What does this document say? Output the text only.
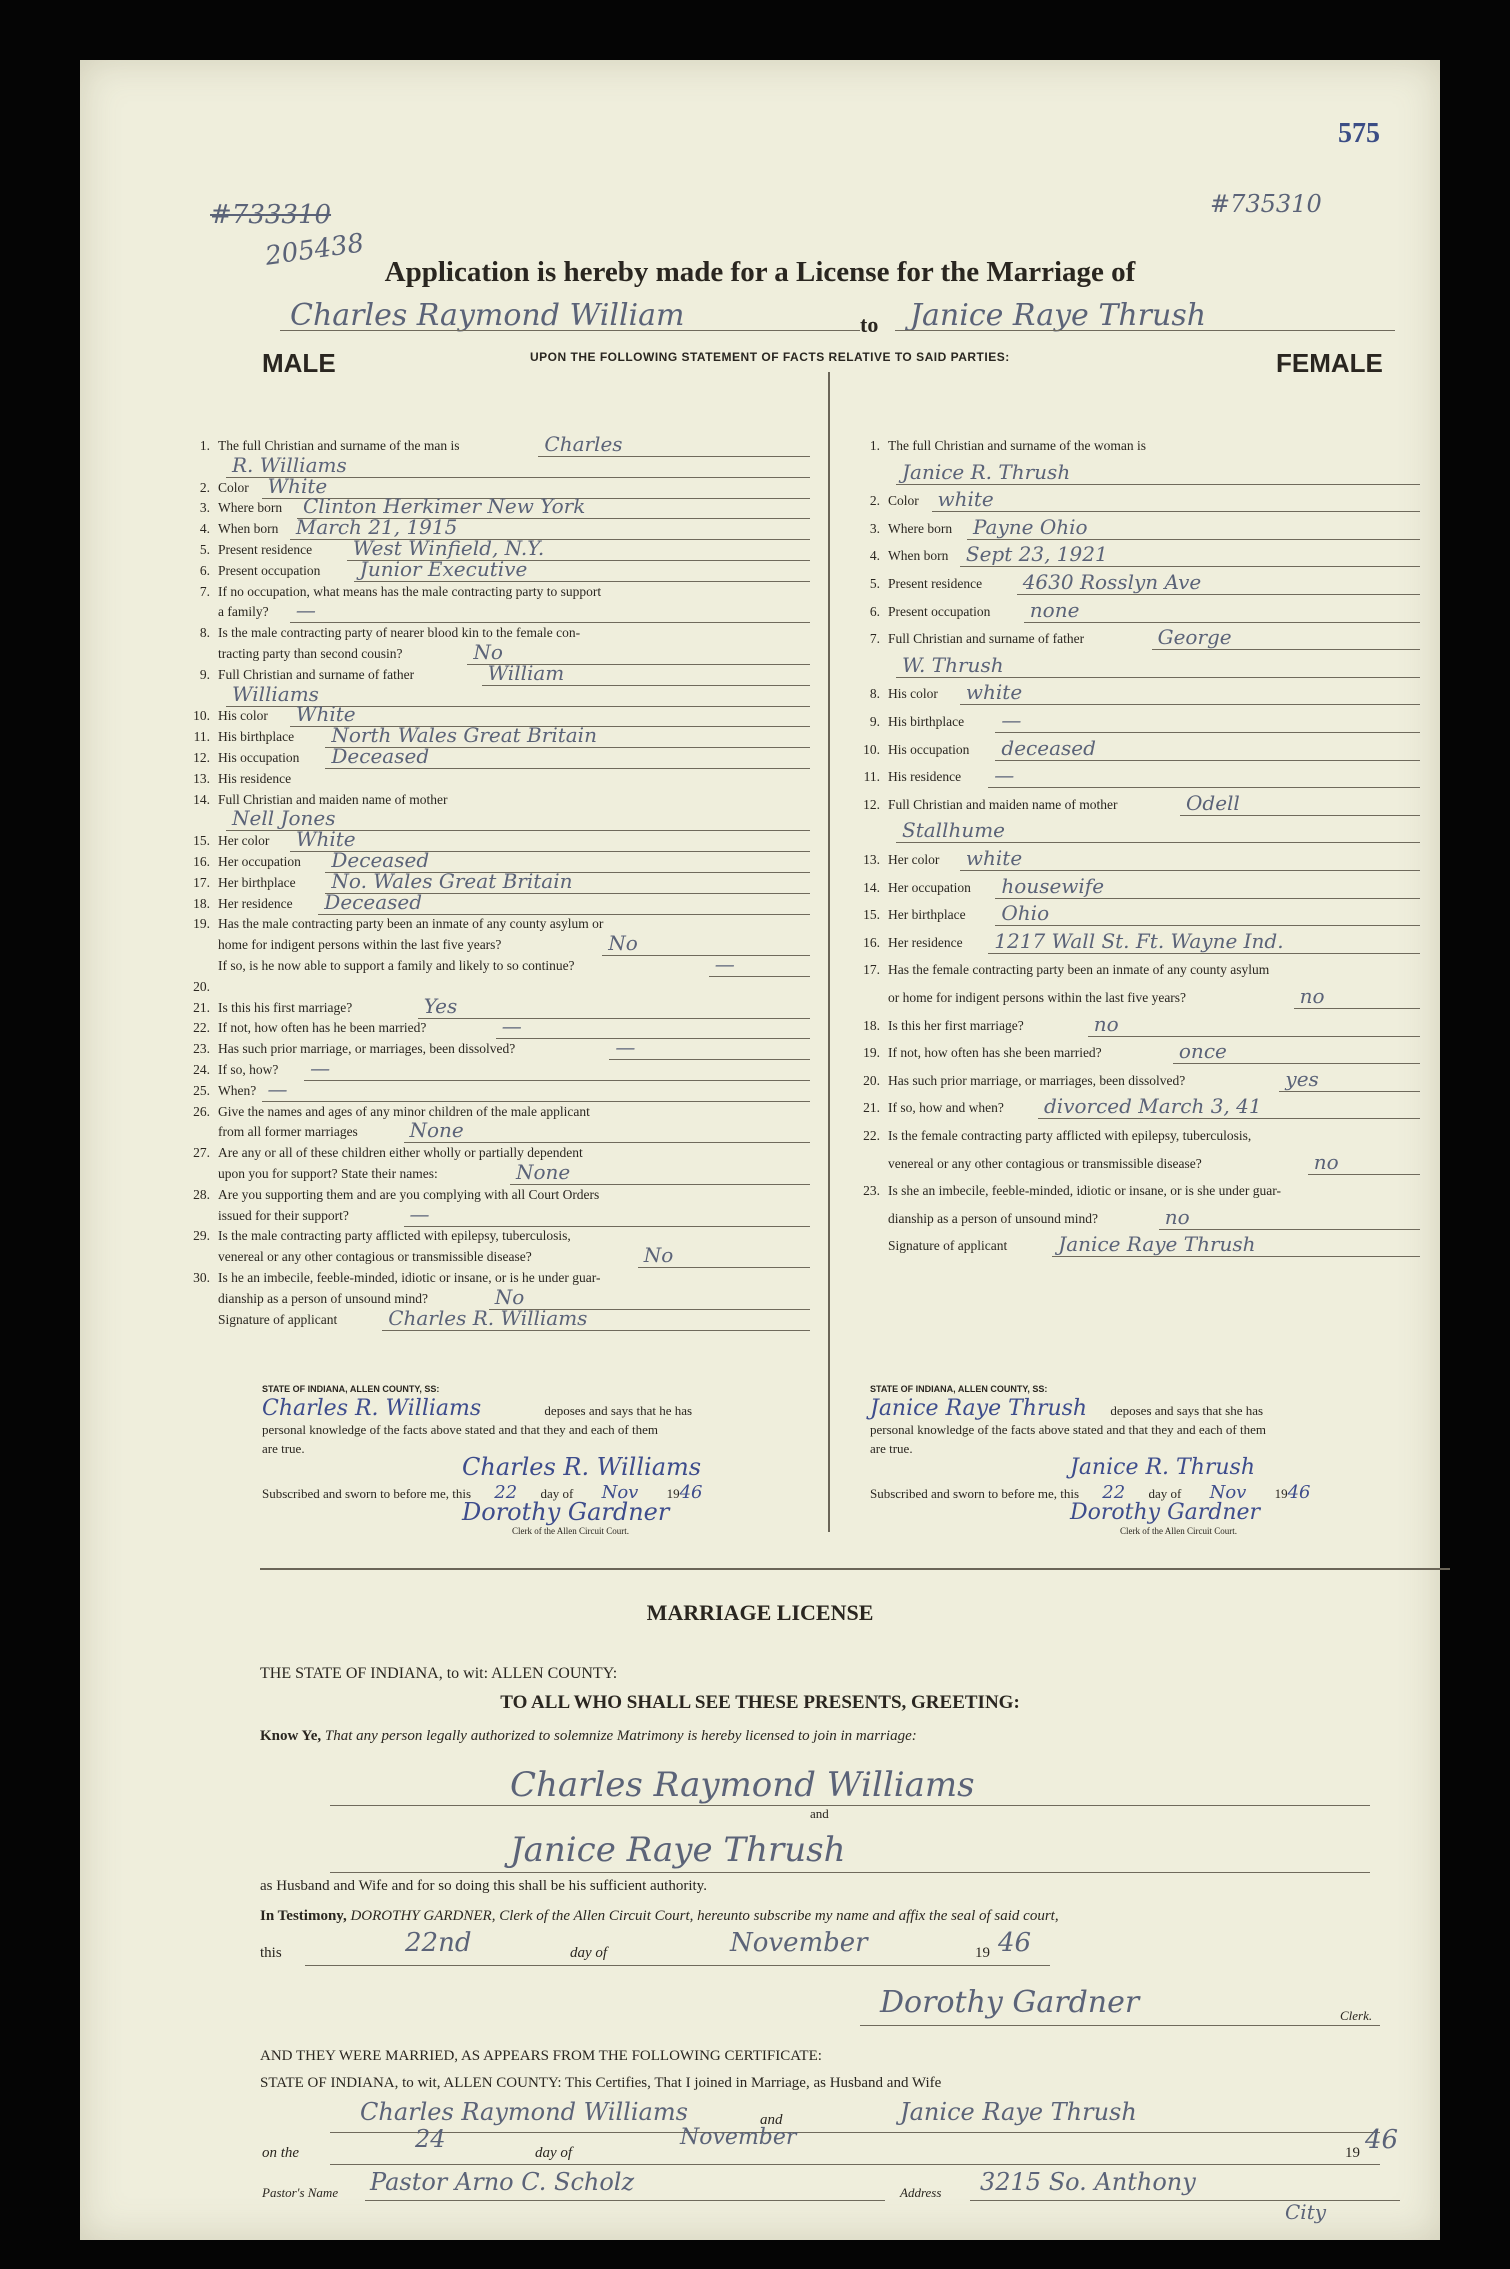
575
#733310
205438
#735310
Application is hereby made for a License for the Marriage of
Charles Raymond William	to Janice Raye Thrush
MALE	UPON THE FOLLOWING STATEMENT OF FACTS RELATIVE TO SAID PARTIES:	FEMALE
1. The full Christian and surname of the man is	Charles
R. Williams
2. Color White
3. Where born Clinton Herkimer New York
4. When born March 21, 1915
5. Present residence West Winfield, N.Y.
6. Present occupation Junior Executive
7. If no occupation, what means has the male contracting party to support
a family? —
8. Is the male contracting party of nearer blood kin to the female con-
tracting party than second cousin?	No
9. Full Christian and surname of father	William
Williams
10. His color White
11. His birthplace North Wales Great Britain
12. His occupation Deceased
13. His residence
14. Full Christian and maiden name of mother
Nell Jones
15. Her color White
16. Her occupation Deceased
17. Her birthplace No. Wales Great Britain
18. Her residence Deceased
19. Has the male contracting party been an inmate of any county asylum or
home for indigent persons within the last five years?	No
If so, is he now able to support a family and likely to so continue?	—
20.
21. Is this his first marriage?	Yes
22. If not, how often has he been married?	—
23. Has such prior marriage, or marriages, been dissolved?	—
24. If so, how? —
25. When? —
26. Give the names and ages of any minor children of the male applicant
from all former marriages	None
27. Are any or all of these children either wholly or partially dependent
upon you for support? State their names:	None
28. Are you supporting them and are you complying with all Court Orders
issued for their support?	—
29. Is the male contracting party afflicted with epilepsy, tuberculosis,
venereal or any other contagious or transmissible disease?	No
30. Is he an imbecile, feeble-minded, idiotic or insane, or is he under guar-
dianship as a person of unsound mind?	No
Signature of applicant	Charles R. Williams
1. The full Christian and surname of the woman is
Janice R. Thrush
2. Color white
3. Where born Payne Ohio
4. When born Sept 23, 1921
5. Present residence 4630 Rosslyn Ave
6. Present occupation none
7. Full Christian and surname of father	George
W. Thrush
8. His color white
9. His birthplace —
10. His occupation deceased
11. His residence —
12. Full Christian and maiden name of mother	Odell
Stallhume
13. Her color white
14. Her occupation housewife
15. Her birthplace Ohio
16. Her residence 1217 Wall St. Ft. Wayne Ind.
17. Has the female contracting party been an inmate of any county asylum
or home for indigent persons within the last five years?	no
18. Is this her first marriage?	no
19. If not, how often has she been married?	once
20. Has such prior marriage, or marriages, been dissolved?	yes
21. If so, how and when? divorced March 3, 41
22. Is the female contracting party afflicted with epilepsy, tuberculosis,
venereal or any other contagious or transmissible disease?	no
23. Is she an imbecile, feeble-minded, idiotic or insane, or is she under guar-
dianship as a person of unsound mind?	no
Signature of applicant	Janice Raye Thrush
STATE OF INDIANA, ALLEN COUNTY, SS:
Charles R. Williams	deposes and says that he has
personal knowledge of the facts above stated and that they and each of them
are true.
Charles R. Williams
Subscribed and sworn to before me, this 22 day of Nov 1946
Dorothy Gardner
Clerk of the Allen Circuit Court.
STATE OF INDIANA, ALLEN COUNTY, SS:
Janice Raye Thrush deposes and says that she has
personal knowledge of the facts above stated and that they and each of them
are true.
Janice R. Thrush
Subscribed and sworn to before me, this 22 day of Nov 1946
Dorothy Gardner
Clerk of the Allen Circuit Court.
MARRIAGE LICENSE
THE STATE OF INDIANA, to wit: ALLEN COUNTY:
TO ALL WHO SHALL SEE THESE PRESENTS, GREETING:
Know Ye, That any person legally authorized to solemnize Matrimony is hereby licensed to join in marriage:
Charles Raymond Williams
and
Janice Raye Thrush
as Husband and Wife and for so doing this shall be his sufficient authority.
In Testimony, DOROTHY GARDNER, Clerk of the Allen Circuit Court, hereunto subscribe my name and affix the seal of said court,
this	22nd	day of	November	19 46
Dorothy Gardner	Clerk.
AND THEY WERE MARRIED, AS APPEARS FROM THE FOLLOWING CERTIFICATE:
STATE OF INDIANA, to wit, ALLEN COUNTY: This Certifies, That I joined in Marriage, as Husband and Wife
Charles Raymond Williams	and	Janice Raye Thrush
on the	24	day of
November
19 46
Pastor's Name Pastor Arno C. Scholz	Address 3215 So. Anthony
City
